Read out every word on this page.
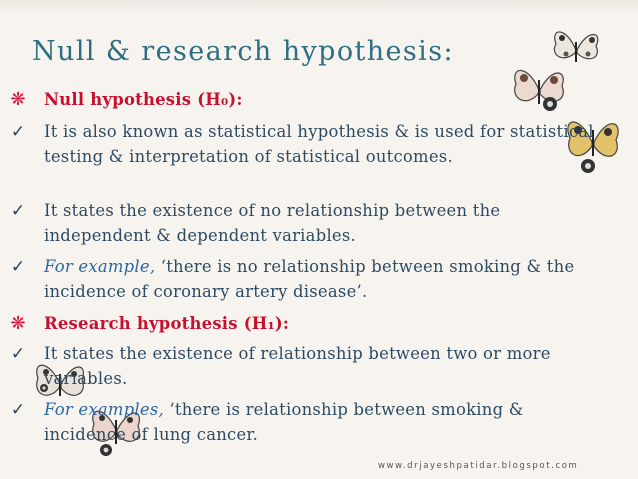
Null & research hypothesis:
❋ Null hypothesis (H₀):
✓ It is also known as statistical hypothesis & is used for statistical testing & interpretation of statistical outcomes.
✓ It states the existence of no relationship between the independent & dependent variables.
✓ For example, ‘there is no relationship between smoking & the incidence of coronary artery disease’.
❋ Research hypothesis (H₁):
✓ It states the existence of relationship between two or more variables.
✓ For examples, ‘there is relationship between smoking & incidence of lung cancer.
www.drjayeshpatidar.blogspot.com
